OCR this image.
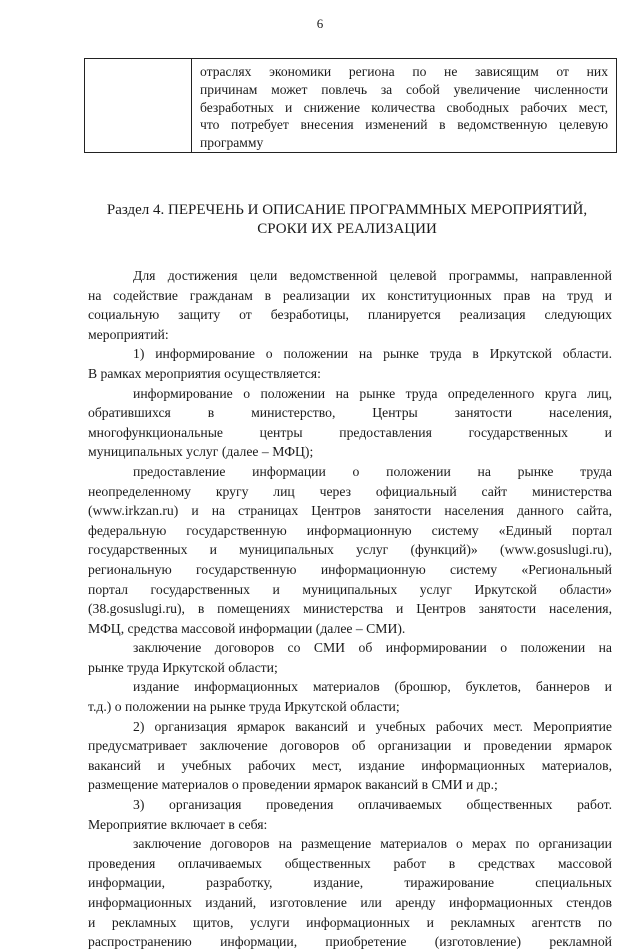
6

отраслях экономики региона по не зависящим от них
причинам может повлечь за собой увеличение численности
безработных и снижение количества свободных рабочих мест,
что потребует внесения изменений в ведомственную целевую
программу
Раздел 4. ПЕРЕЧЕНЬ И ОПИСАНИЕ ПРОГРАММНЫХ МЕРОПРИЯТИЙ,
СРОКИ ИХ РЕАЛИЗАЦИИ
Для достижения цели ведомственной целевой программы, направленной
на содействие гражданам в реализации их конституционных прав на труд и
социальную защиту от безработицы, планируется реализация следующих
мероприятий:
1) информирование о положении на рынке труда в Иркутской области.
В рамках мероприятия осуществляется:
информирование о положении на рынке труда определенного круга лиц,
обратившихся в министерство, Центры занятости населения,
многофункциональные центры предоставления государственных и
муниципальных услуг (далее – МФЦ);
предоставление информации о положении на рынке труда
неопределенному кругу лиц через официальный сайт министерства
(www.irkzan.ru) и на страницах Центров занятости населения данного сайта,
федеральную государственную информационную систему «Единый портал
государственных и муниципальных услуг (функций)» (www.gosuslugi.ru),
региональную государственную информационную систему «Региональный
портал государственных и муниципальных услуг Иркутской области»
(38.gosuslugi.ru), в помещениях министерства и Центров занятости населения,
МФЦ, средства массовой информации (далее – СМИ).
заключение договоров со СМИ об информировании о положении на
рынке труда Иркутской области;
издание информационных материалов (брошюр, буклетов, баннеров и
т.д.) о положении на рынке труда Иркутской области;
2) организация ярмарок вакансий и учебных рабочих мест. Мероприятие
предусматривает заключение договоров об организации и проведении ярмарок
вакансий и учебных рабочих мест, издание информационных материалов,
размещение материалов о проведении ярмарок вакансий в СМИ и др.;
3) организация проведения оплачиваемых общественных работ.
Мероприятие включает в себя:
заключение договоров на размещение материалов о мерах по организации
проведения оплачиваемых общественных работ в средствах массовой
информации, разработку, издание, тиражирование специальных
информационных изданий, изготовление или аренду информационных стендов
и рекламных щитов, услуги информационных и рекламных агентств по
распространению информации, приобретение (изготовление) рекламной
